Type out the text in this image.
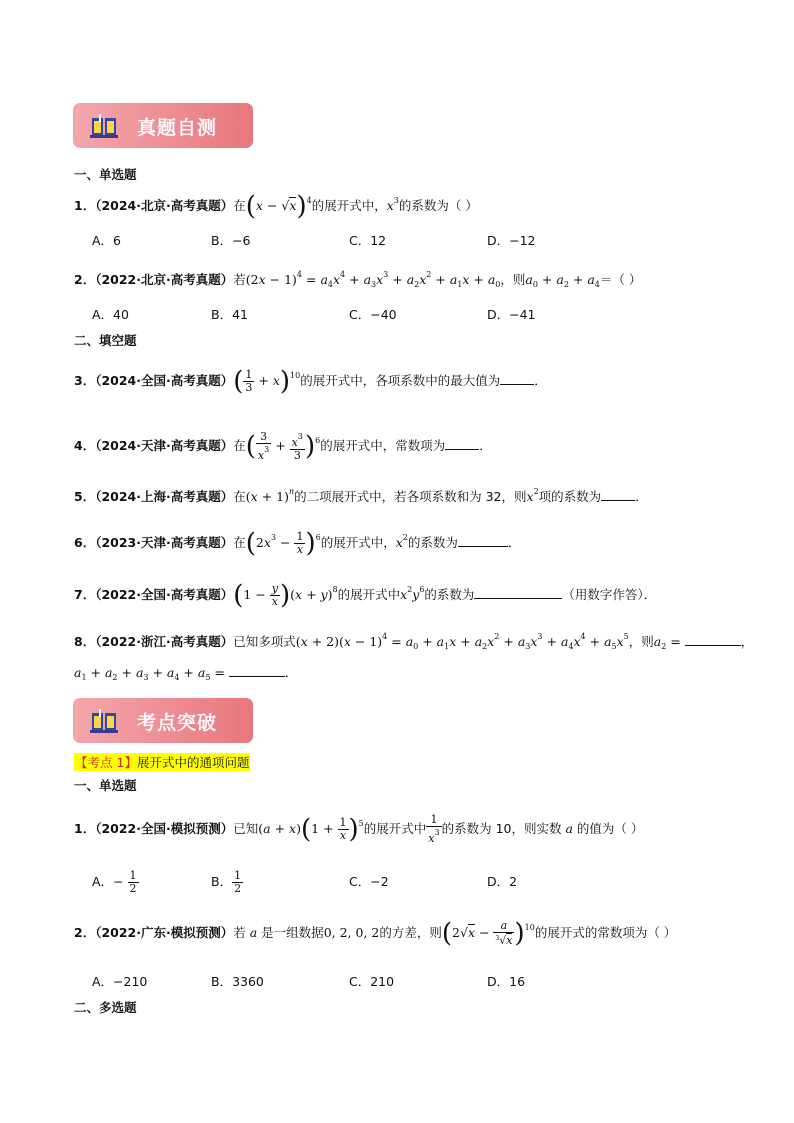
真题自测
一、单选题
1．（2024·北京·高考真题）在$(x - √x)^4$的展开式中，$x^3$的系数为（ ）
A．6	B．−6	C．12	D．−12
2．（2022·北京·高考真题）若$(2x - 1)^4 = a_4x^4 + a_3x^3 + a_2x^2 + a_1x + a_0$，则$a_0 + a_2 + a_4=$（ ）
A．40	B．41	C．−40	D．−41
二、填空题
3．（2024·全国·高考真题）( $\frac{1}{3} + x)^{10}$的展开式中，各项系数中的最大值为	．
4．（2024·天津·高考真题）在( $\frac{3}{x^3} + \frac{x^3}{3} )^6$的展开式中，常数项为	．
5．（2024·上海·高考真题）在$(x + 1)^n$的二项展开式中，若各项系数和为 32，则$x^2$项的系数为	．
6．（2023·天津·高考真题）在$(2x^3 - \frac{1}{x} )^6$的展开式中，$x^2$的系数为	．
7．（2022·全国·高考真题）$(1 - \frac{y}{x} )(x + y)^8$的展开式中$x^2y^6$的系数为	（用数字作答）．
8．（2022·浙江·高考真题）已知多项式$(x + 2)(x - 1)^4 = a_0 + a_1x + a_2x^2 + a_3x^3 + a_4x^4 + a_5x^5$，则$a_2$ =	，
$a_1 + a_2 + a_3 + a_4 + a_5$ =	．
考点突破
【考点 1】展开式中的通项问题
一、单选题
1．（2022·全国·模拟预测）已知$(a + x)(1 + \frac{1}{x} )^5$的展开式中 $\frac{1}{x^3}$ 的系数为 10，则实数 a 的值为（ ）
A．− $\frac{1}{2}$	B． $\frac{1}{2}$	C．−2	D．2
2．（2022·广东·模拟预测）若 a 是一组数据0, 2, 0, 2的方差，则$(2√x - \frac{a}{^3√x} )^{10}$的展开式的常数项为（ ）
A．−210	B．3360	C．210	D．16
二、多选题
